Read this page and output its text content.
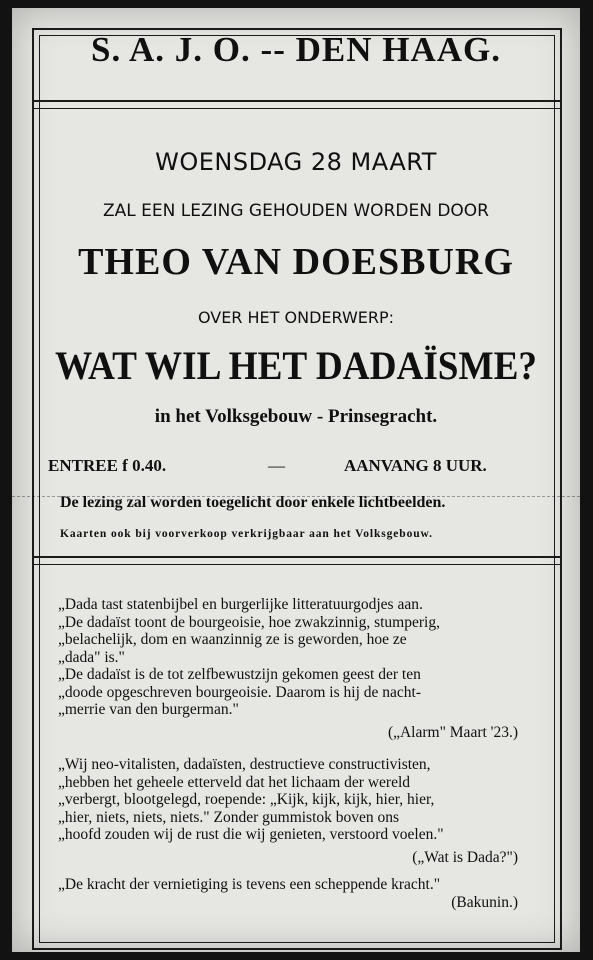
S. A. J. O. -- DEN HAAG.
WOENSDAG 28 MAART
ZAL EEN LEZING GEHOUDEN WORDEN DOOR
THEO VAN DOESBURG
OVER HET ONDERWERP:
WAT WIL HET DADAÏSME?
in het Volksgebouw - Prinsegracht.
ENTREE f 0.40.	—	AANVANG 8 UUR.
De lezing zal worden toegelicht door enkele lichtbeelden.
Kaarten ook bij voorverkoop verkrijgbaar aan het Volksgebouw.
„Dada tast statenbijbel en burgerlijke litteratuurgodjes aan.
„De dadaïst toont de bourgeoisie, hoe zwakzinnig, stumperig,
„belachelijk, dom en waanzinnig ze is geworden, hoe ze
„dada" is."
„De dadaïst is de tot zelfbewustzijn gekomen geest der ten
„doode opgeschreven bourgeoisie. Daarom is hij de nacht-
„merrie van den burgerman."
(„Alarm" Maart '23.)
„Wij neo-vitalisten, dadaïsten, destructieve constructivisten,
„hebben het geheele etterveld dat het lichaam der wereld
„verbergt, blootgelegd, roepende: „Kijk, kijk, kijk, hier, hier,
„hier, niets, niets, niets." Zonder gummistok boven ons
„hoofd zouden wij de rust die wij genieten, verstoord voelen."
(„Wat is Dada?")
„De kracht der vernietiging is tevens een scheppende kracht."
(Bakunin.)
